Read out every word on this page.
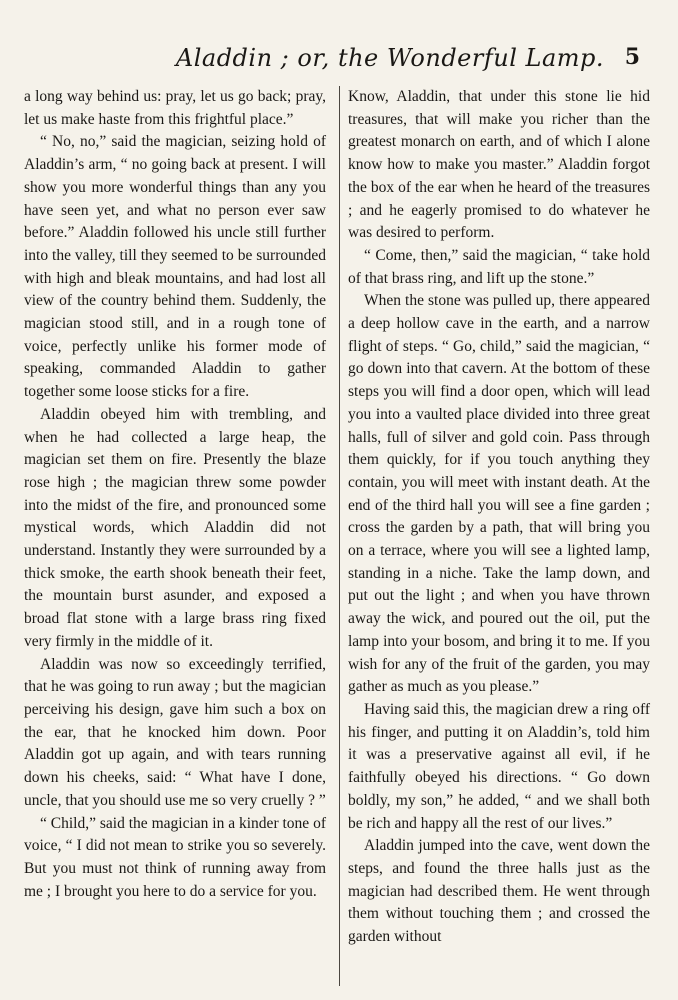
Aladdin ; or, the Wonderful Lamp. 5

a long way behind us: pray, let us go back; pray, let us make haste from this frightful place.”

“ No, no,” said the magician, seizing hold of Aladdin’s arm, “ no going back at present. I will show you more wonderful things than any you have seen yet, and what no person ever saw before.” Aladdin followed his uncle still further into the valley, till they seemed to be surrounded with high and bleak mountains, and had lost all view of the country behind them. Suddenly, the magician stood still, and in a rough tone of voice, perfectly unlike his former mode of speaking, commanded Aladdin to gather together some loose sticks for a fire.

Aladdin obeyed him with trembling, and when he had collected a large heap, the magician set them on fire. Presently the blaze rose high ; the magician threw some powder into the midst of the fire, and pronounced some mystical words, which Aladdin did not understand. Instantly they were surrounded by a thick smoke, the earth shook beneath their feet, the mountain burst asunder, and exposed a broad flat stone with a large brass ring fixed very firmly in the middle of it.

Aladdin was now so exceedingly terrified, that he was going to run away ; but the magician perceiving his design, gave him such a box on the ear, that he knocked him down. Poor Aladdin got up again, and with tears running down his cheeks, said: “ What have I done, uncle, that you should use me so very cruelly ? ”

“ Child,” said the magician in a kinder tone of voice, “ I did not mean to strike you so severely. But you must not think of running away from me ; I brought you here to do a service for you.

Know, Aladdin, that under this stone lie hid treasures, that will make you richer than the greatest monarch on earth, and of which I alone know how to make you master.” Aladdin forgot the box of the ear when he heard of the treasures ; and he eagerly promised to do whatever he was desired to perform.

“ Come, then,” said the magician, “ take hold of that brass ring, and lift up the stone.”

When the stone was pulled up, there appeared a deep hollow cave in the earth, and a narrow flight of steps. “ Go, child,” said the magician, “ go down into that cavern. At the bottom of these steps you will find a door open, which will lead you into a vaulted place divided into three great halls, full of silver and gold coin. Pass through them quickly, for if you touch anything they contain, you will meet with instant death. At the end of the third hall you will see a fine garden ; cross the garden by a path, that will bring you on a terrace, where you will see a lighted lamp, standing in a niche. Take the lamp down, and put out the light ; and when you have thrown away the wick, and poured out the oil, put the lamp into your bosom, and bring it to me. If you wish for any of the fruit of the garden, you may gather as much as you please.”

Having said this, the magician drew a ring off his finger, and putting it on Aladdin’s, told him it was a preservative against all evil, if he faithfully obeyed his directions. “ Go down boldly, my son,” he added, “ and we shall both be rich and happy all the rest of our lives.”

Aladdin jumped into the cave, went down the steps, and found the three halls just as the magician had described them. He went through them without touching them ; and crossed the garden without
